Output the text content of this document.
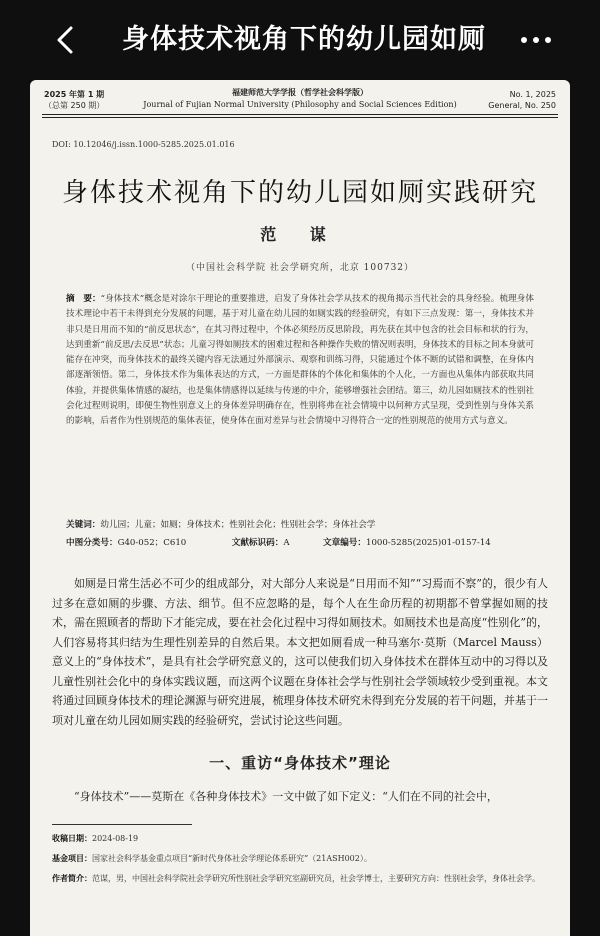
身体技术视角下的幼儿园如厕
2025 年第 1 期
（总第 250 期）
福建师范大学学报（哲学社会科学版）
Journal of Fujian Normal University (Philosophy and Social Sciences Edition)
No. 1, 2025
General, No. 250
DOI: 10.12046/j.issn.1000-5285.2025.01.016
身体技术视角下的幼儿园如厕实践研究
范 谋
（中国社会科学院 社会学研究所，北京 100732）
摘　要：“身体技术”概念是对涂尔干理论的重要推进，启发了身体社会学从技术的视角揭示当代社会的具身经验。梳理身体技术理论中若干未得到充分发展的问题，基于对儿童在幼儿园的如厕实践的经验研究，有如下三点发现：第一，身体技术并非只是日用而不知的“前反思状态”，在其习得过程中，个体必须经历反思阶段，再先获在其中包含的社会目标和状的行为，达到重新“前反思/去反思”状态；儿童习得如厕技术的困难过程和各种操作失败的情况则表明，身体技术的目标之间本身就可能存在冲突，而身体技术的最终关键内容无法通过外部演示、观察和训练习得，只能通过个体不断的试错和调整，在身体内部逐渐领悟。第二，身体技术作为集体表达的方式，一方面是群体的个体化和集体的个人化，一方面也从集体内部获取共同体验，并提供集体情感的凝结，也是集体情感得以延续与传递的中介，能够增强社会团结。第三，幼儿园如厕技术的性别社会化过程则说明，即便生物性别意义上的身体差异明确存在，性别将弗在社会情境中以何种方式呈现，受到性别与身体关系的影响，后者作为性别规范的集体表征，使身体在面对差异与社会情境中习得符合一定的性别规范的使用方式与意义。
关键词：幼儿园；儿童；如厕；身体技术；性别社会化；性别社会学；身体社会学
中图分类号：G40-052；C610	文献标识码：A	文章编号：1000-5285(2025)01-0157-14
如厕是日常生活必不可少的组成部分，对大部分人来说是“日用而不知”“习焉而不察”的，很少有人过多在意如厕的步骤、方法、细节。但不应忽略的是，每个人在生命历程的初期都不曾掌握如厕的技术，需在照顾者的帮助下才能完成，要在社会化过程中习得如厕技术。如厕技术也是高度“性别化”的，人们容易将其归结为生理性别差异的自然后果。本文把如厕看成一种马塞尔·莫斯（Marcel Mauss）意义上的“身体技术”，是具有社会学研究意义的，这可以使我们切入身体技术在群体互动中的习得以及儿童性别社会化中的身体实践议题，而这两个议题在身体社会学与性别社会学领域较少受到重视。本文将通过回顾身体技术的理论渊源与研究进展，梳理身体技术研究未得到充分发展的若干问题，并基于一项对儿童在幼儿园如厕实践的经验研究，尝试讨论这些问题。
一、重访“身体技术”理论
“身体技术”——莫斯在《各种身体技术》一文中做了如下定义：“人们在不同的社会中，
收稿日期：2024-08-19
基金项目：国家社会科学基金重点项目“新时代身体社会学理论体系研究”（21ASH002）。
作者简介：范谋，男，中国社会科学院社会学研究所性别社会学研究室副研究员，社会学博士，主要研究方向：性别社会学，身体社会学。
